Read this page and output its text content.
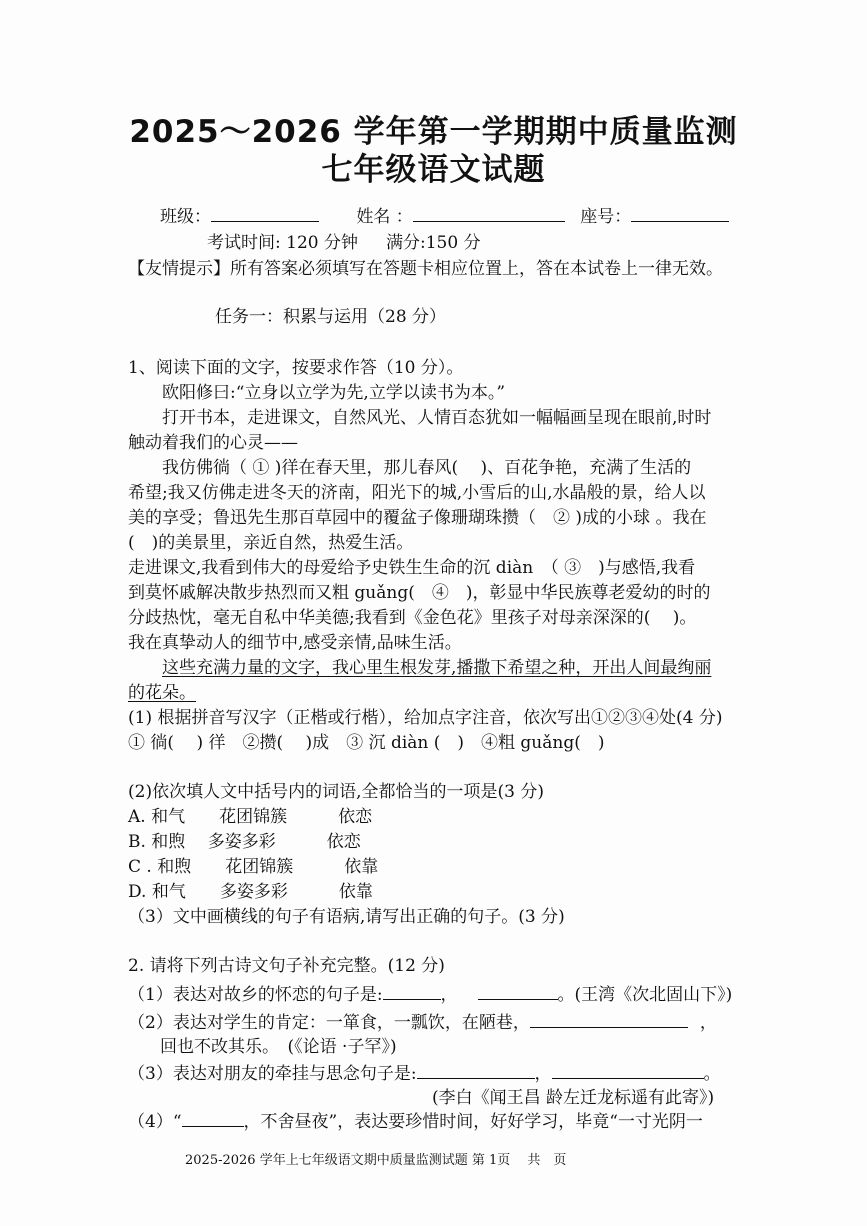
2025～2026 学年第一学期期中质量监测
七年级语文试题
班级：	姓名 ：	座号：
考试时间: 120 分钟 满分:150 分
【友情提示】所有答案必须填写在答题卡相应位置上，答在本试卷上一律无效。
任务一：积累与运用（28 分）
1、阅读下面的文字，按要求作答（10 分）。
欧阳修曰:“立身以立学为先,立学以读书为本。”
打开书本，走进课文，自然风光、人情百态犹如一幅幅画呈现在眼前,时时
触动着我们的心灵——
我仿佛徜（ ① )徉在春天里，那儿春风(　 )、百花争艳，充满了生活的
希望;我又仿佛走进冬天的济南，阳光下的城,小雪后的山,水晶般的景，给人以
美的享受；鲁迅先生那百草园中的覆盆子像珊瑚珠攒（　② )成的小球 。我在
(　)的美景里，亲近自然，热爱生活。
走进课文,我看到伟大的母爱给予史铁生生命的沉 diàn　（ ③　)与感悟,我看
到莫怀戚解决散步热烈而又粗 guǎng(　④　)，彰显中华民族尊老爱幼的时的
分歧热忱，毫无自私中华美德;我看到《金色花》里孩子对母亲深深的(　 )。
我在真挚动人的细节中,感受亲情,品味生活。
这些充满力量的文字，我心里生根发芽,播撒下希望之种，开出人间最绚丽
的花朵。
(1) 根据拼音写汉字（正楷或行楷），给加点字注音，依次写出①②③④处(4 分)
① 徜(　 ) 徉　②攒(　 )成　③ 沉 diàn (　)　④粗 guǎng(　)
(2)依次填人文中括号内的词语,全都恰当的一项是(3 分)
A. 和气　　花团锦簇　　　依恋
B. 和煦　 多姿多彩　　　依恋
C . 和煦　　花团锦簇　　　依靠
D. 和气　　多姿多彩　　　依靠
（3）文中画横线的句子有语病,请写出正确的句子。(3 分)
2. 请将下列古诗文句子补充完整。(12 分)
（1）表达对故乡的怀恋的句子是:	，	。(王湾《次北固山下》)
（2）表达对学生的肯定：一箪食，一瓢饮，在陋巷，	，
回也不改其乐。　(《论语 ·子罕》)
（3）表达对朋友的牵挂与思念句子是:	，	。
(李白《闻王昌 龄左迁龙标遥有此寄》)
（4）“	，不舍昼夜”，表达要珍惜时间，好好学习，毕竟“一寸光阴一
2025-2026 学年上七年级语文期中质量监测试题 第 1页　 共　页
